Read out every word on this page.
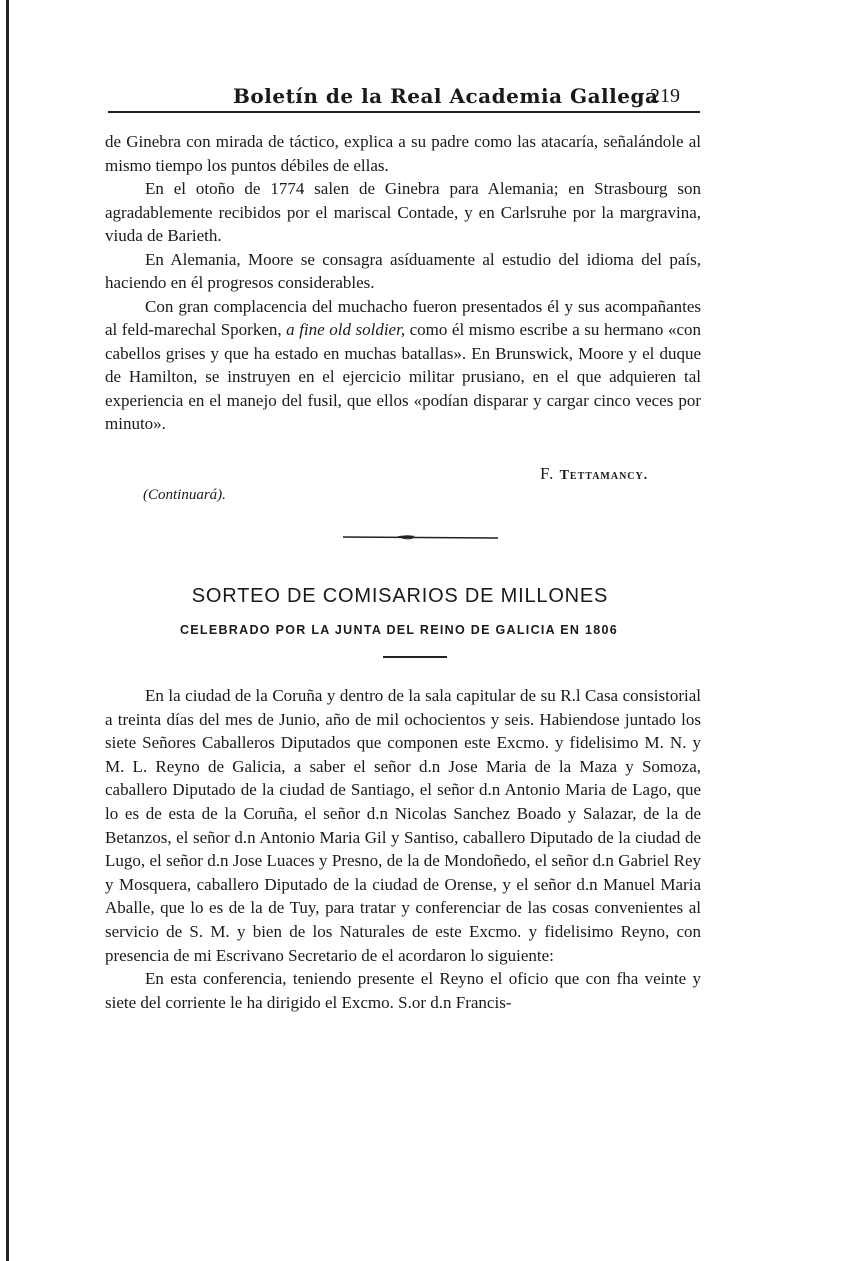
Boletín de la Real Academia Gallega
219

de Ginebra con mirada de táctico, explica a su padre como las atacaría, señalándole al mismo tiempo los puntos débiles de ellas.

En el otoño de 1774 salen de Ginebra para Alemania; en Strasbourg son agradablemente recibidos por el mariscal Contade, y en Carlsruhe por la margravina, viuda de Barieth.

En Alemania, Moore se consagra asíduamente al estudio del idioma del país, haciendo en él progresos considerables.

Con gran complacencia del muchacho fueron presentados él y sus acompañantes al feld-marechal Sporken, a fine old soldier, como él mismo escribe a su hermano «con cabellos grises y que ha estado en muchas batallas». En Brunswick, Moore y el duque de Hamilton, se instruyen en el ejercicio militar prusiano, en el que adquieren tal experiencia en el manejo del fusil, que ellos «podían disparar y cargar cinco veces por minuto».

F. Tettamancy.
(Continuará).
SORTEO DE COMISARIOS DE MILLONES
CELEBRADO POR LA JUNTA DEL REINO DE GALICIA EN 1806

En la ciudad de la Coruña y dentro de la sala capitular de su R.l Casa consistorial a treinta días del mes de Junio, año de mil ochocientos y seis. Habiendose juntado los siete Señores Caballeros Diputados que componen este Excmo. y fidelisimo M. N. y M. L. Reyno de Galicia, a saber el señor d.n Jose Maria de la Maza y Somoza, caballero Diputado de la ciudad de Santiago, el señor d.n Antonio Maria de Lago, que lo es de esta de la Coruña, el señor d.n Nicolas Sanchez Boado y Salazar, de la de Betanzos, el señor d.n Antonio Maria Gil y Santiso, caballero Diputado de la ciudad de Lugo, el señor d.n Jose Luaces y Presno, de la de Mondoñedo, el señor d.n Gabriel Rey y Mosquera, caballero Diputado de la ciudad de Orense, y el señor d.n Manuel Maria Aballe, que lo es de la de Tuy, para tratar y conferenciar de las cosas convenientes al servicio de S. M. y bien de los Naturales de este Excmo. y fidelisimo Reyno, con presencia de mi Escrivano Secretario de el acordaron lo siguiente:

En esta conferencia, teniendo presente el Reyno el oficio que con fha veinte y siete del corriente le ha dirigido el Excmo. S.or d.n Francis-
